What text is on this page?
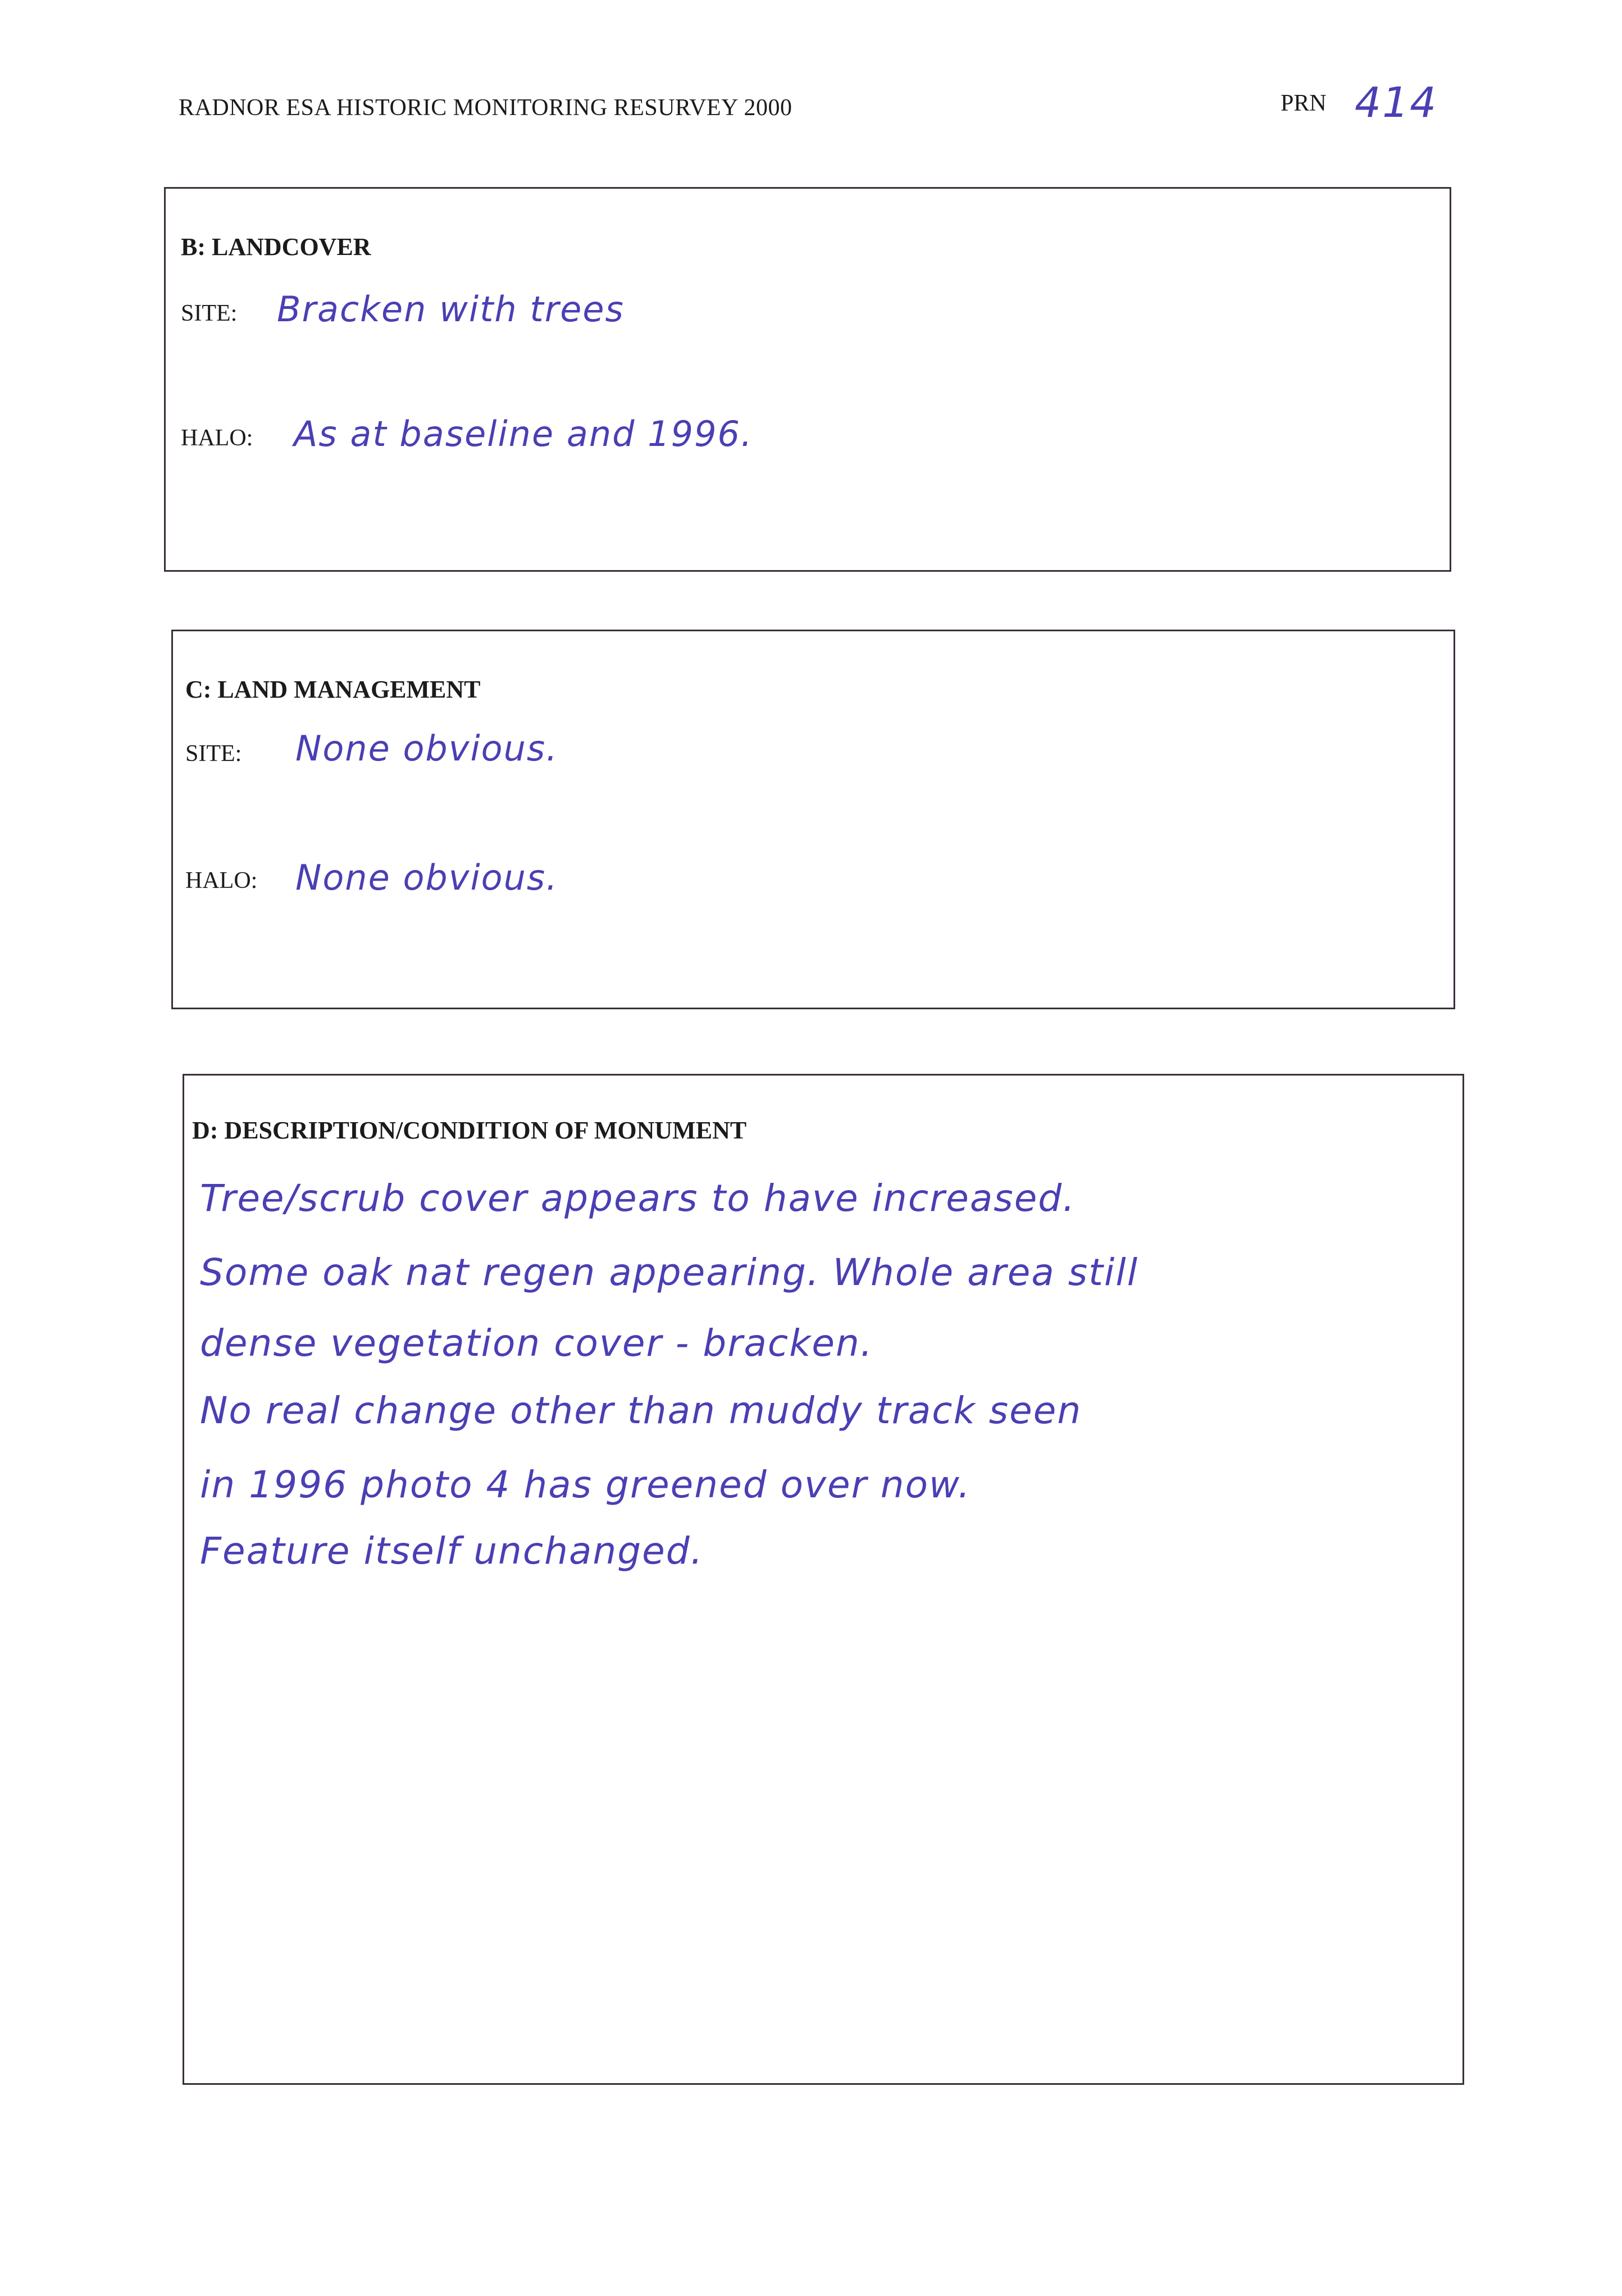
RADNOR ESA HISTORIC MONITORING RESURVEY 2000	PRN 414
B: LANDCOVER
SITE: Bracken with trees
HALO: As at baseline and 1996.
C: LAND MANAGEMENT
SITE: None obvious.
HALO: None obvious.
D: DESCRIPTION/CONDITION OF MONUMENT
Tree/scrub cover appears to have increased.
Some oak nat regen appearing. Whole area still
dense vegetation cover - bracken.
No real change other than muddy track seen
in 1996 photo 4 has greened over now.
Feature itself unchanged.
